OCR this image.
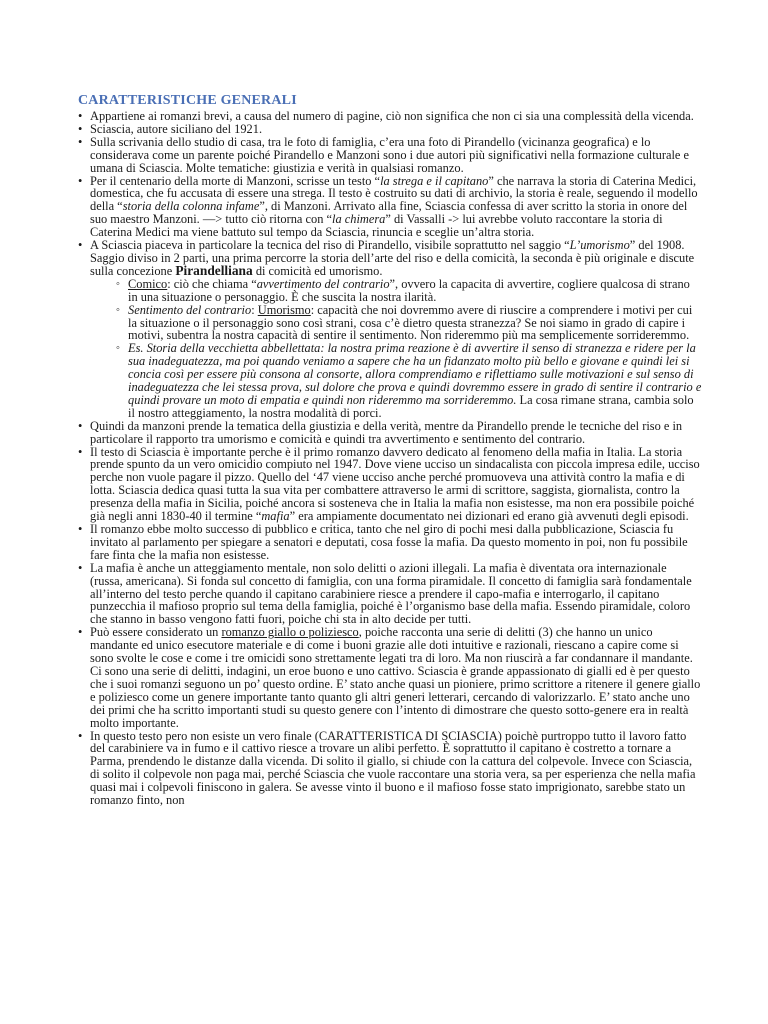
CARATTERISTICHE GENERALI
• Appartiene ai romanzi brevi, a causa del numero di pagine, ciò non significa che non ci sia una complessità della vicenda.
• Sciascia, autore siciliano del 1921.
• Sulla scrivania dello studio di casa, tra le foto di famiglia, c’era una foto di Pirandello (vicinanza geografica) e lo considerava come un parente poiché Pirandello e Manzoni sono i due autori più significativi nella formazione culturale e umana di Sciascia. Molte tematiche: giustizia e verità in qualsiasi romanzo.
• Per il centenario della morte di Manzoni, scrisse un testo “la strega e il capitano” che narrava la storia di Caterina Medici, domestica, che fu accusata di essere una strega. Il testo è costruito su dati di archivio, la storia è reale, seguendo il modello della “storia della colonna infame”, di Manzoni. Arrivato alla fine, Sciascia confessa di aver scritto la storia in onore del suo maestro Manzoni. —> tutto ciò ritorna con “la chimera” di Vassalli -> lui avrebbe voluto raccontare la storia di Caterina Medici ma viene battuto sul tempo da Sciascia, rinuncia e sceglie un’altra storia.
• A Sciascia piaceva in particolare la tecnica del riso di Pirandello, visibile soprattutto nel saggio “L’umorismo” del 1908. Saggio diviso in 2 parti, una prima percorre la storia dell’arte del riso e della comicità, la seconda è più originale e discute sulla concezione Pirandelliana di comicità ed umorismo.
◦ Comico: ciò che chiama “avvertimento del contrario”, ovvero la capacita di avvertire, cogliere qualcosa di strano in una situazione o personaggio. È che suscita la nostra ilarità.
◦ Sentimento del contrario: Umorismo: capacità che noi dovremmo avere di riuscire a comprendere i motivi per cui la situazione o il personaggio sono così strani, cosa c’è dietro questa stranezza? Se noi siamo in grado di capire i motivi, subentra la nostra capacità di sentire il sentimento. Non rideremmo più ma semplicemente sorrideremmo.
◦ Es. Storia della vecchietta abbellettata: la nostra prima reazione è di avvertire il senso di stranezza e ridere per la sua inadeguatezza, ma poi quando veniamo a sapere che ha un fidanzato molto più bello e giovane e quindi lei si concia così per essere più consona al consorte, allora comprendiamo e riflettiamo sulle motivazioni e sul senso di inadeguatezza che lei stessa prova, sul dolore che prova e quindi dovremmo essere in grado di sentire il contrario e quindi provare un moto di empatia e quindi non rideremmo ma sorrideremmo. La cosa rimane strana, cambia solo il nostro atteggiamento, la nostra modalità di porci.
• Quindi da manzoni prende la tematica della giustizia e della verità, mentre da Pirandello prende le tecniche del riso e in particolare il rapporto tra umorismo e comicità e quindi tra avvertimento e sentimento del contrario.
• Il testo di Sciascia è importante perche è il primo romanzo davvero dedicato al fenomeno della mafia in Italia. La storia prende spunto da un vero omicidio compiuto nel 1947. Dove viene ucciso un sindacalista con piccola impresa edile, ucciso perche non vuole pagare il pizzo. Quello del ‘47 viene ucciso anche perché promuoveva una attività contro la mafia e di lotta. Sciascia dedica quasi tutta la sua vita per combattere attraverso le armi di scrittore, saggista, giornalista, contro la presenza della mafia in Sicilia, poiché ancora si sosteneva che in Italia la mafia non esistesse, ma non era possibile poiché già negli anni 1830-40 il termine “mafia” era ampiamente documentato nei dizionari ed erano già avvenuti degli episodi.
• Il romanzo ebbe molto successo di pubblico e critica, tanto che nel giro di pochi mesi dalla pubblicazione, Sciascia fu invitato al parlamento per spiegare a senatori e deputati, cosa fosse la mafia. Da questo momento in poi, non fu possibile fare finta che la mafia non esistesse.
• La mafia è anche un atteggiamento mentale, non solo delitti o azioni illegali. La mafia è diventata ora internazionale (russa, americana). Si fonda sul concetto di famiglia, con una forma piramidale. Il concetto di famiglia sarà fondamentale all’interno del testo perche quando il capitano carabiniere riesce a prendere il capo-mafia e interrogarlo, il capitano punzecchia il mafioso proprio sul tema della famiglia, poiché è l’organismo base della mafia. Essendo piramidale, coloro che stanno in basso vengono fatti fuori, poiche chi sta in alto decide per tutti.
• Può essere considerato un romanzo giallo o poliziesco, poiche racconta una serie di delitti (3) che hanno un unico mandante ed unico esecutore materiale e di come i buoni grazie alle doti intuitive e razionali, riescano a capire come si sono svolte le cose e come i tre omicidi sono strettamente legati tra di loro. Ma non riuscirà a far condannare il mandante. Ci sono una serie di delitti, indagini, un eroe buono e uno cattivo. Sciascia è grande appassionato di gialli ed è per questo che i suoi romanzi seguono un po’ questo ordine. E’ stato anche quasi un pioniere, primo scrittore a ritenere il genere giallo e poliziesco come un genere importante tanto quanto gli altri generi letterari, cercando di valorizzarlo. E’ stato anche uno dei primi che ha scritto importanti studi su questo genere con l’intento di dimostrare che questo sotto-genere era in realtà molto importante.
• In questo testo pero non esiste un vero finale (CARATTERISTICA DI SCIASCIA) poichè purtroppo tutto il lavoro fatto del carabiniere va in fumo e il cattivo riesce a trovare un alibi perfetto. È soprattutto il capitano è costretto a tornare a Parma, prendendo le distanze dalla vicenda. Di solito il giallo, si chiude con la cattura del colpevole. Invece con Sciascia, di solito il colpevole non paga mai, perché Sciascia che vuole raccontare una storia vera, sa per esperienza che nella mafia quasi mai i colpevoli finiscono in galera. Se avesse vinto il buono e il mafioso fosse stato imprigionato, sarebbe stato un romanzo finto, non
